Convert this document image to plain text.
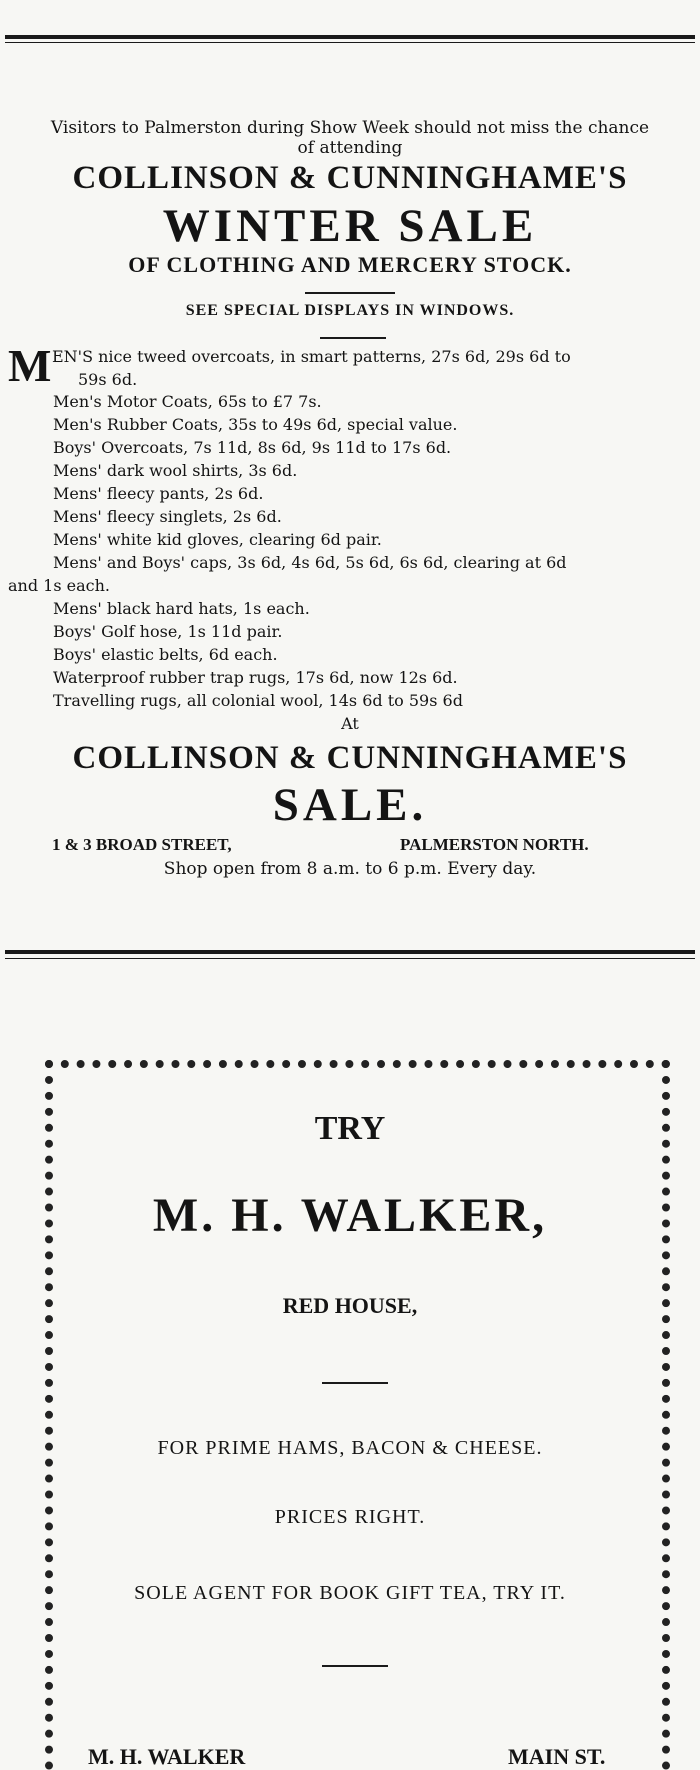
Visitors to Palmerston during Show Week should not miss the chance
of attending
COLLINSON & CUNNINGHAME'S
WINTER SALE
OF CLOTHING AND MERCERY STOCK.
SEE SPECIAL DISPLAYS IN WINDOWS.
M EN'S nice tweed overcoats, in smart patterns, 27s 6d, 29s 6d to
59s 6d.
Men's Motor Coats, 65s to £7 7s.
Men's Rubber Coats, 35s to 49s 6d, special value.
Boys' Overcoats, 7s 11d, 8s 6d, 9s 11d to 17s 6d.
Mens' dark wool shirts, 3s 6d.
Mens' fleecy pants, 2s 6d.
Mens' fleecy singlets, 2s 6d.
Mens' white kid gloves, clearing 6d pair.
Mens' and Boys' caps, 3s 6d, 4s 6d, 5s 6d, 6s 6d, clearing at 6d
and 1s each.
Mens' black hard hats, 1s each.
Boys' Golf hose, 1s 11d pair.
Boys' elastic belts, 6d each.
Waterproof rubber trap rugs, 17s 6d, now 12s 6d.
Travelling rugs, all colonial wool, 14s 6d to 59s 6d
At
COLLINSON & CUNNINGHAME'S
SALE.
1 & 3 BROAD STREET,	PALMERSTON NORTH.
Shop open from 8 a.m. to 6 p.m. Every day.
TRY
M. H. WALKER,
RED HOUSE,
FOR PRIME HAMS, BACON & CHEESE.
PRICES RIGHT.
SOLE AGENT FOR BOOK GIFT TEA, TRY IT.
M. H. WALKER	MAIN ST.
